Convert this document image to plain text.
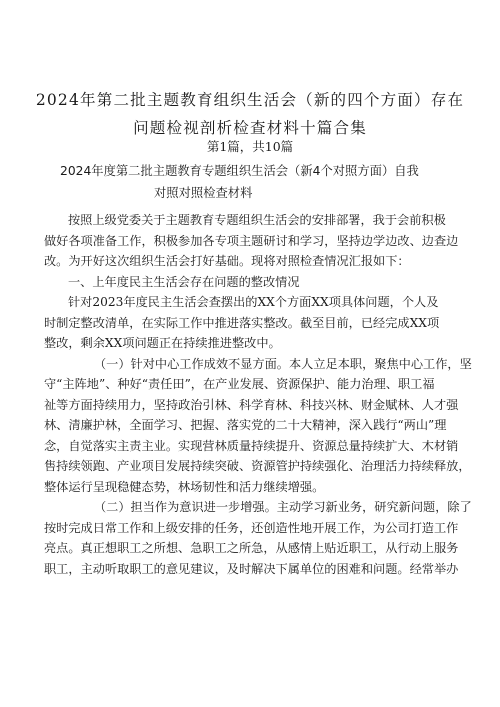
2024年第二批主题教育组织生活会（新的四个方面）存在
问题检视剖析检查材料十篇合集
第1篇，共10篇
2024年度第二批主题教育专题组织生活会（新4个对照方面）自我
对照对照检查材料

按照上级党委关于主题教育专题组织生活会的安排部署，我于会前积极
做好各项准备工作，积极参加各专项主题研讨和学习，坚持边学边改、边查边
改。为开好这次组织生活会打好基础。现将对照检查情况汇报如下：

一、上年度民主生活会存在问题的整改情况

针对2023年度民主生活会查摆出的XX个方面XX项具体问题，个人及
时制定整改清单，在实际工作中推进落实整改。截至目前，已经完成XX项
整改，剩余XX项问题正在持续推进整改中。

（一）针对中心工作成效不显方面。本人立足本职，聚焦中心工作，坚
守“主阵地”、种好“责任田”，在产业发展、资源保护、能力治理、职工福
祉等方面持续用力，坚持政治引林、科学育林、科技兴林、财金赋林、人才强
林、清廉护林，全面学习、把握、落实党的二十大精神，深入践行“两山”理
念，自觉落实主责主业。实现营林质量持续提升、资源总量持续扩大、木材销
售持续领跑、产业项目发展持续突破、资源管护持续强化、治理活力持续释放，
整体运行呈现稳健态势，林场韧性和活力继续增强。

（二）担当作为意识进一步增强。主动学习新业务，研究新问题，除了
按时完成日常工作和上级安排的任务，还创造性地开展工作，为公司打造工作
亮点。真正想职工之所想、急职工之所急，从感情上贴近职工，从行动上服务
职工，主动听取职工的意见建议，及时解决下属单位的困难和问题。经常举办
